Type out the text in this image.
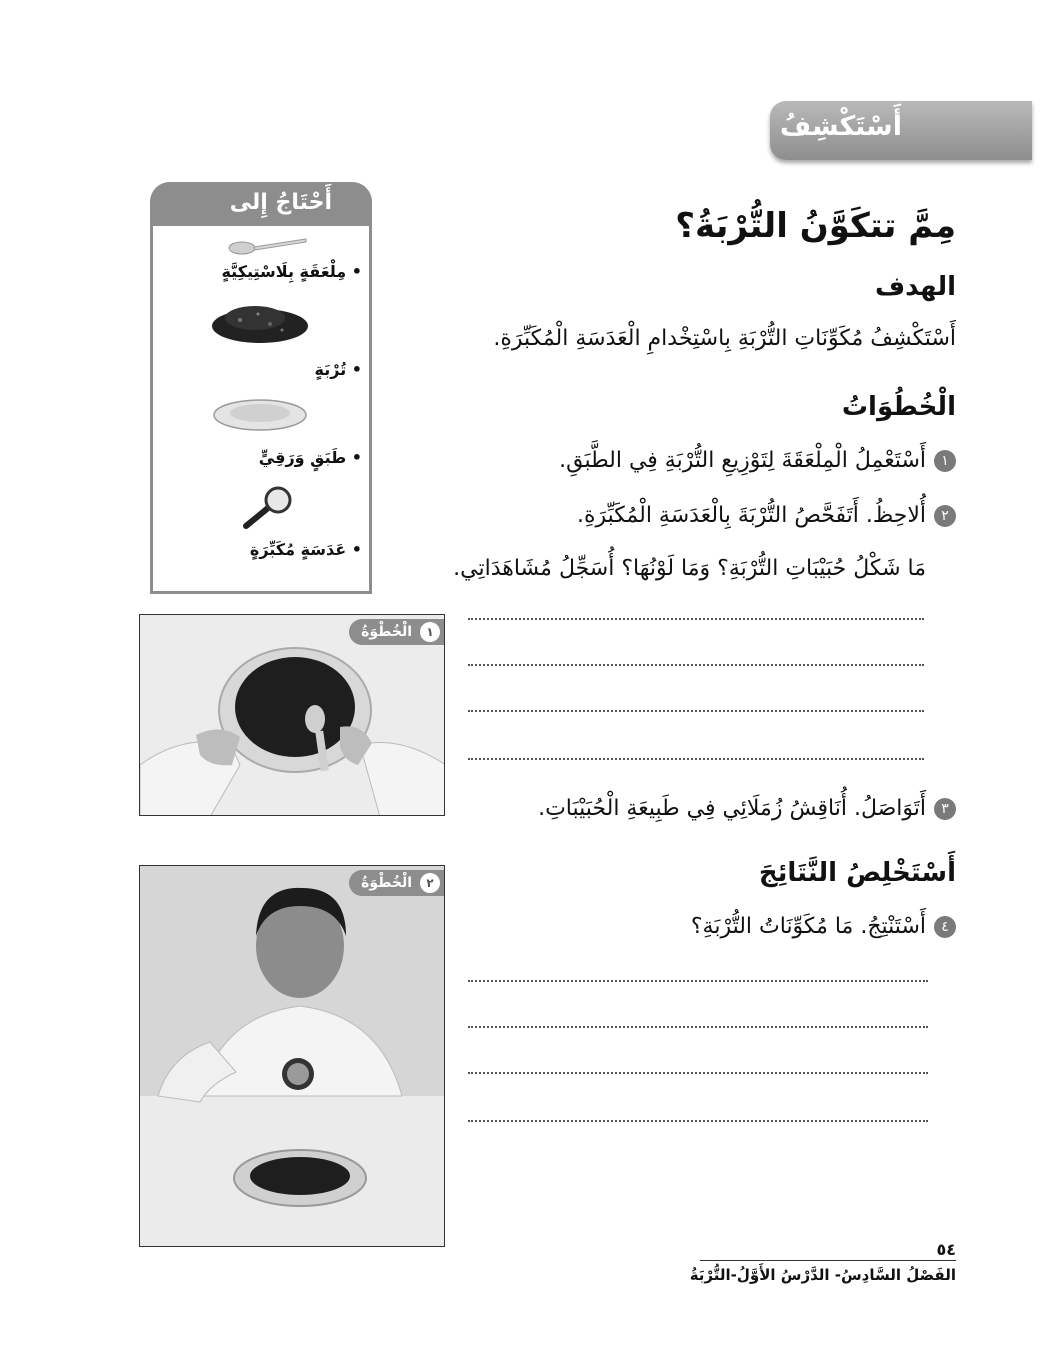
أَسْتَكْشِفُ
أَحْتَاجُ إِلى
• مِلْعَقَةٍ بِلَاسْتِيكِيَّةٍ
• تُرْبَةٍ
• طَبَقٍ وَرَقِيٍّ
• عَدَسَةٍ مُكَبِّرَةٍ
مِمَّ تتكَوَّنُ التُّرْبَةُ؟
الهدف
أَسْتَكْشِفُ مُكَوِّنَاتِ التُّرْبَةِ بِاسْتِخْدامِ الْعَدَسَةِ الْمُكَبِّرَةِ.
الْخُطُوَاتُ
١أَسْتَعْمِلُ الْمِلْعَقَةَ لِتَوْزِيعِ التُّرْبَةِ فِي الطَّبَقِ.
٢أُلاحِظُ. أَتَفَحَّصُ التُّرْبَةَ بِالْعَدَسَةِ الْمُكَبِّرَةِ.
مَا شَكْلُ حُبَيْبَاتِ التُّرْبَةِ؟ وَمَا لَوْنُهَا؟ أُسَجِّلُ مُشَاهَدَاتِي.
٣أَتَوَاصَلُ. أُنَاقِشُ زُمَلَائِي فِي طَبِيعَةِ الْحُبَيْبَاتِ.
أَسْتَخْلِصُ النَّتَائِجَ
٤أَسْتَنْتِجُ. مَا مُكَوِّنَاتُ التُّرْبَةِ؟
الْخُطْوَةُ	١
الْخُطْوَةُ	٢
٥٤
الفَصْلُ السَّادِسُ- الدَّرْسُ الأَوَّلُ-التُّرْبَةُ
